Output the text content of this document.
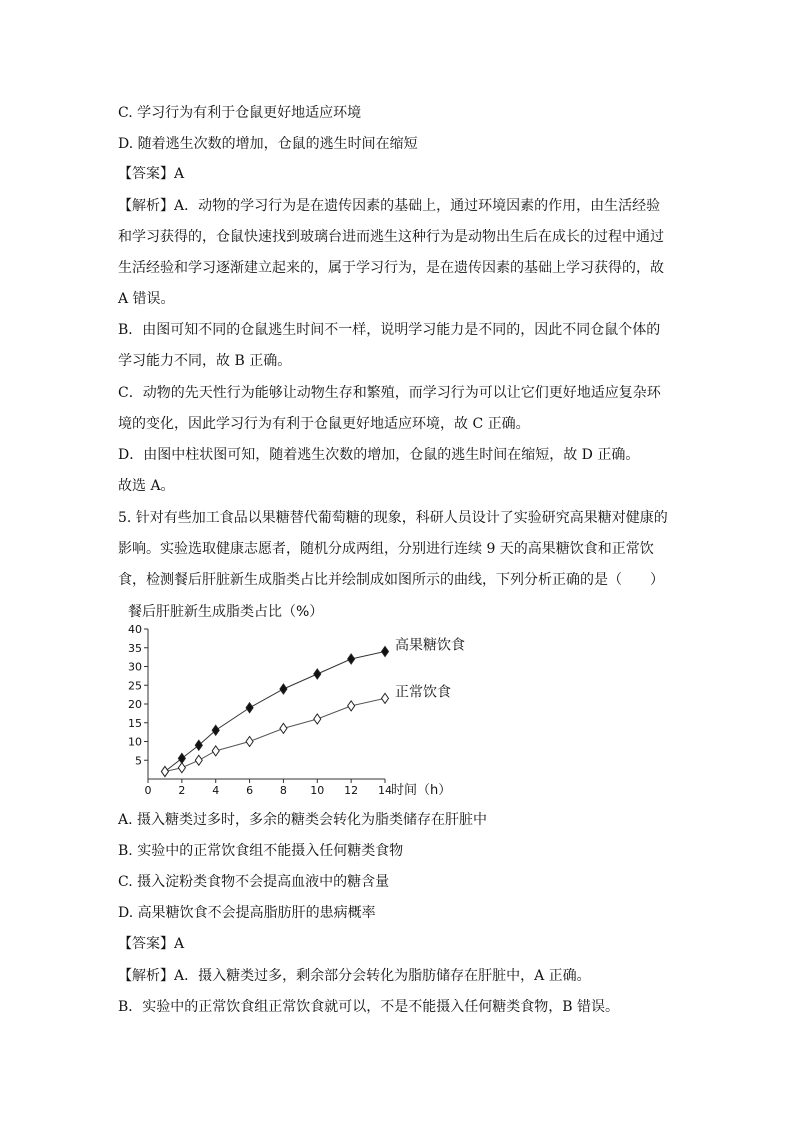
C. 学习行为有利于仓鼠更好地适应环境
D. 随着逃生次数的增加，仓鼠的逃生时间在缩短
【答案】A
【解析】A．动物的学习行为是在遗传因素的基础上，通过环境因素的作用，由生活经验
和学习获得的，仓鼠快速找到玻璃台进而逃生这种行为是动物出生后在成长的过程中通过
生活经验和学习逐渐建立起来的，属于学习行为，是在遗传因素的基础上学习获得的，故
A 错误。
B．由图可知不同的仓鼠逃生时间不一样，说明学习能力是不同的，因此不同仓鼠个体的
学习能力不同，故 B 正确。
C．动物的先天性行为能够让动物生存和繁殖，而学习行为可以让它们更好地适应复杂环
境的变化，因此学习行为有利于仓鼠更好地适应环境，故 C 正确。
D．由图中柱状图可知，随着逃生次数的增加，仓鼠的逃生时间在缩短，故 D 正确。
故选 A。
5. 针对有些加工食品以果糖替代葡萄糖的现象，科研人员设计了实验研究高果糖对健康的
影响。实验选取健康志愿者，随机分成两组，分别进行连续 9 天的高果糖饮食和正常饮
食，检测餐后肝脏新生成脂类占比并绘制成如图所示的曲线，下列分析正确的是（　　）
餐后肝脏新生成脂类占比（%）
5
10
15
20
25
30
35
40
0 2 4 6 8 10 12 14 时间（h）
高果糖饮食
正常饮食
A. 摄入糖类过多时，多余的糖类会转化为脂类储存在肝脏中
B. 实验中的正常饮食组不能摄入任何糖类食物
C. 摄入淀粉类食物不会提高血液中的糖含量
D. 高果糖饮食不会提高脂肪肝的患病概率
【答案】A
【解析】A．摄入糖类过多，剩余部分会转化为脂肪储存在肝脏中，A 正确。
B．实验中的正常饮食组正常饮食就可以，不是不能摄入任何糖类食物，B 错误。
